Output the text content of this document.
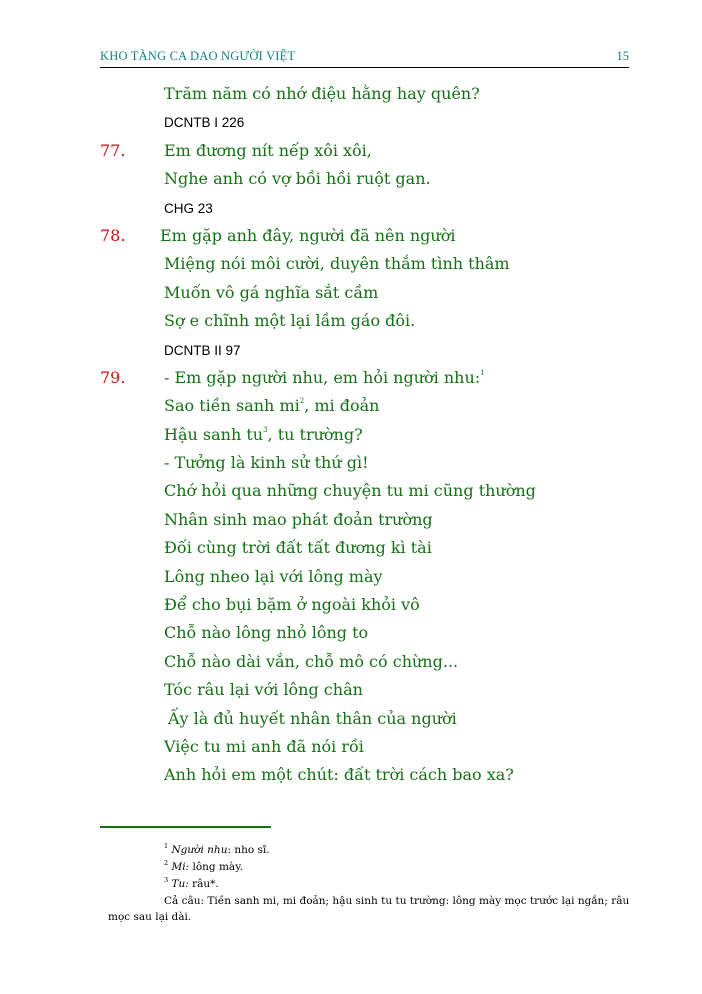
KHO TÀNG CA DAO NGƯỜI VIỆT	15
Trăm năm có nhớ điệu hằng hay quên?
DCNTB I 226
77. Em đương nít nếp xôi xôi,
Nghe anh có vợ bồi hồi ruột gan.
CHG 23
78. Em gặp anh đây, người đã nên người
Miệng nói môi cười, duyên thắm tình thâm
Muốn vô gá nghĩa sắt cầm
Sợ e chĩnh một lại lầm gáo đôi.
DCNTB II 97
79. - Em gặp người nhu, em hỏi người nhu:$^1$
Sao tiền sanh $mi^2$, mi đoản
Hậu sanh $tu^3$, tu trường?
- Tưởng là kinh sử thứ gì!
Chớ hỏi qua những chuyện tu mi cũng thường
Nhân sinh mao phát đoản trường
Đối cùng trời đất tất đương kì tài
Lông nheo lại với lông mày
Để cho bụi bặm ở ngoài khỏi vô
Chỗ nào lông nhỏ lông to
Chỗ nào dài vắn, chỗ mô có chừng...
Tóc râu lại với lông chân
Ấy là đủ huyết nhân thân của người
Việc tu mi anh đã nói rồi
Anh hỏi em một chút: đất trời cách bao xa?
$^1$ Người nhu: nho sĩ.
$^2$ Mi: lông mày.
$^3$ Tu: râu*.
Cả câu: Tiền sanh mi, mi đoản; hậu sinh tu tu trường: lông mày mọc trước lại ngắn; râu mọc sau lại dài.
